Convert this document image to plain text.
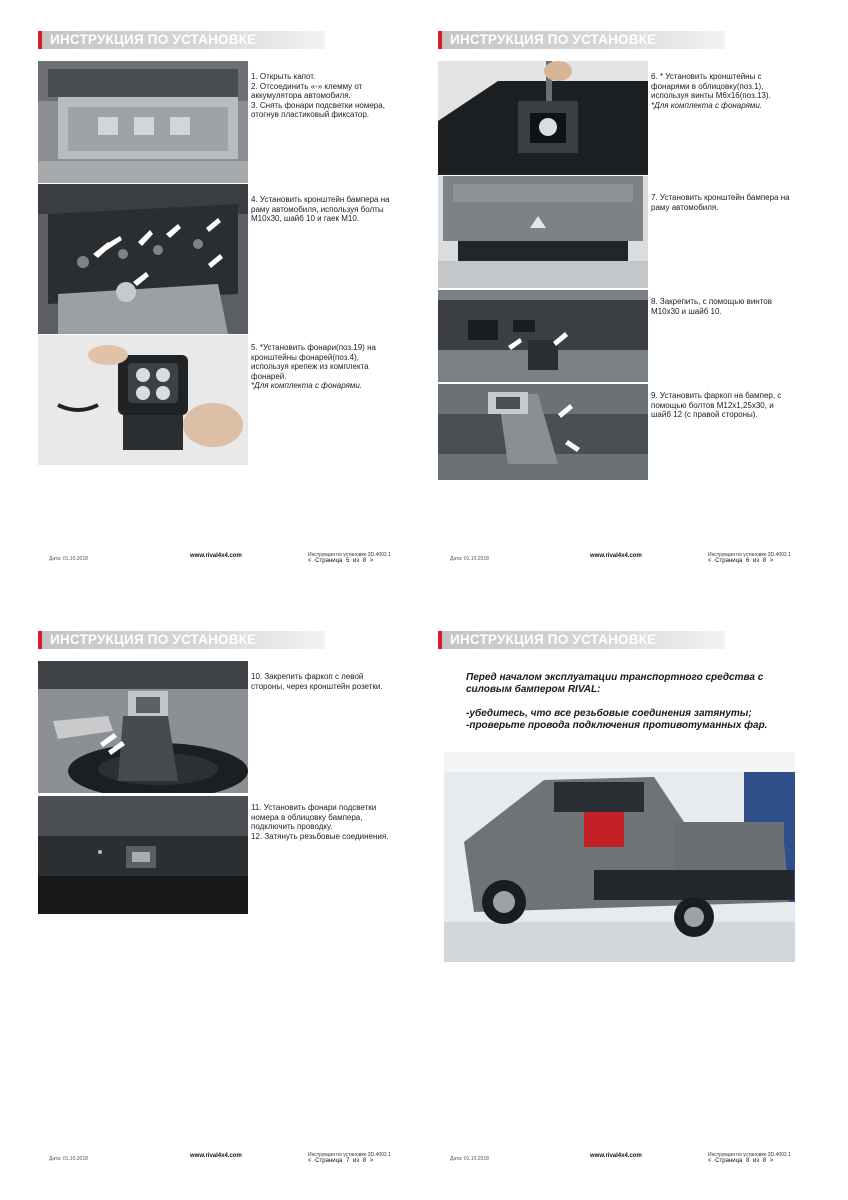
ИНСТРУКЦИЯ ПО УСТАНОВКЕ
1. Открыть капот.
2. Отсоединить «-» клемму от
аккумулятора автомобиля.
3. Снять фонари подсветки номера,
отогнув пластиковый фиксатор.
4. Установить кронштейн бампера на
раму автомобиля, используя болты
М10х30, шайб 10 и гаек М10.
5. *Установить фонари(поз.19) на
кронштейны фонарей(поз.4),
используя крепеж из комплекта
фонарей.
*Для комплекта с фонарями.
Дата: 01.10.2018	www.rival4x4.com	Инструкция по установке 2D.4003.1
< Страница 5 из 8 >
ИНСТРУКЦИЯ ПО УСТАНОВКЕ
6. * Установить кронштейны с
фонарями в облицовку(поз.1),
используя винты М6х16(поз.13).
*Для комплекта с фонарями.
7. Установить кронштейн бампера на
раму автомобиля.
8. Закрепить, с помощью винтов
М10х30 и шайб 10.
9. Установить фаркоп на бампер, с
помощью болтов М12х1,25х30, и
шайб 12 (с правой стороны).
Дата: 01.10.2018	www.rival4x4.com	Инструкция по установке 2D.4003.1
< Страница 6 из 8 >
ИНСТРУКЦИЯ ПО УСТАНОВКЕ
10. Закрепить фаркоп с левой
стороны, через кронштейн розетки.
11. Установить фонари подсветки
номера в облицовку бампера,
подключить проводку.
12. Затянуть резьбовые соединения.
Дата: 01.10.2018	www.rival4x4.com	Инструкция по установке 2D.4003.1
< Страница 7 из 8 >
ИНСТРУКЦИЯ ПО УСТАНОВКЕ
Перед началом эксплуатации транспортного средства с
силовым бампером RIVAL:
-убедитесь, что все резьбовые соединения затянуты;
-проверьте провода подключения противотуманных фар.
Дата: 01.10.2018	www.rival4x4.com	Инструкция по установке 2D.4003.1
< Страница 8 из 8 >
